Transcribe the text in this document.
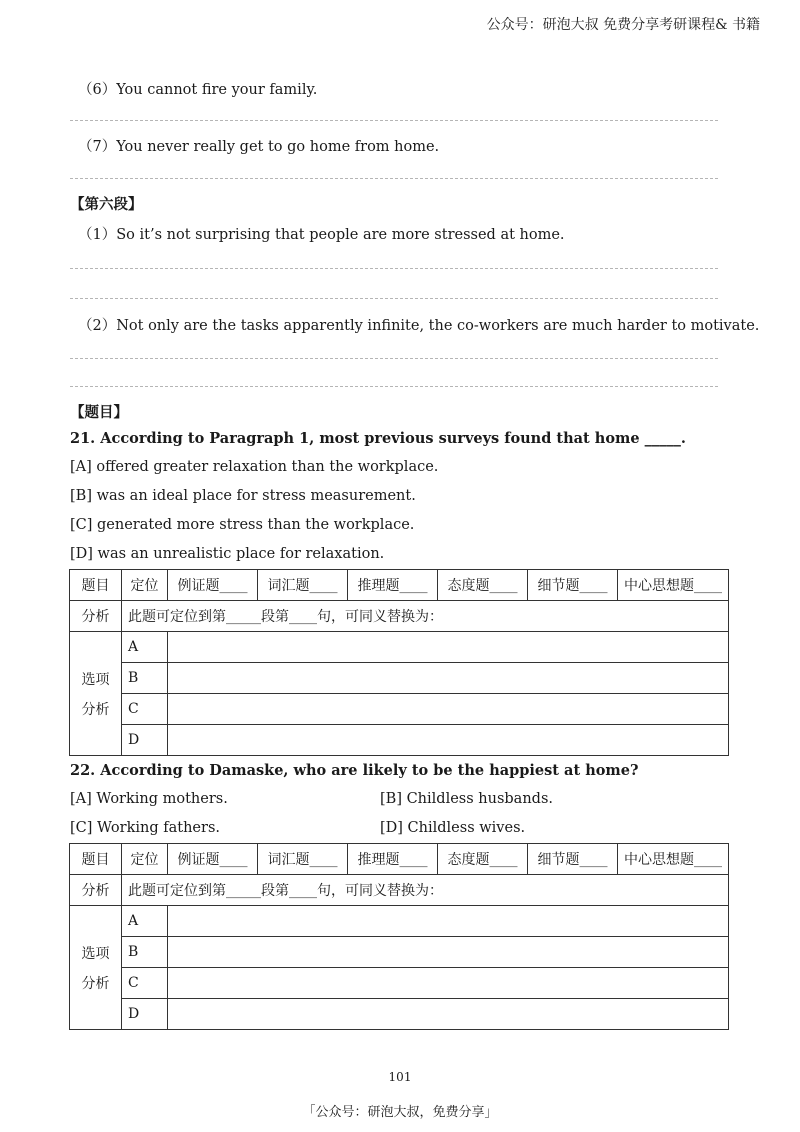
公众号：研泡大叔 免费分享考研课程& 书籍
（6）You cannot fire your family.
（7）You never really get to go home from home.
【第六段】
（1）So it’s not surprising that people are more stressed at home.
（2）Not only are the tasks apparently infinite, the co-workers are much harder to motivate.
【题目】
21. According to Paragraph 1, most previous surveys found that home _____.
[A] offered greater relaxation than the workplace.
[B] was an ideal place for stress measurement.
[C] generated more stress than the workplace.
[D] was an unrealistic place for relaxation.
题目	定位	例证题____	词汇题____	推理题____	态度题____	细节题____	中心思想题____
分析	此题可定位到第_____段第____句，可同义替换为：						

选项
分析	A						
	B						
	C						
	D						
22. According to Damaske, who are likely to be the happiest at home?
[A] Working mothers.	[B] Childless husbands.
[C] Working fathers.	[D] Childless wives.
题目	定位	例证题____	词汇题____	推理题____	态度题____	细节题____	中心思想题____
分析	此题可定位到第_____段第____句，可同义替换为：						

选项
分析	A						
	B						
	C						
	D						
101
「公众号：研泡大叔，免费分享」
